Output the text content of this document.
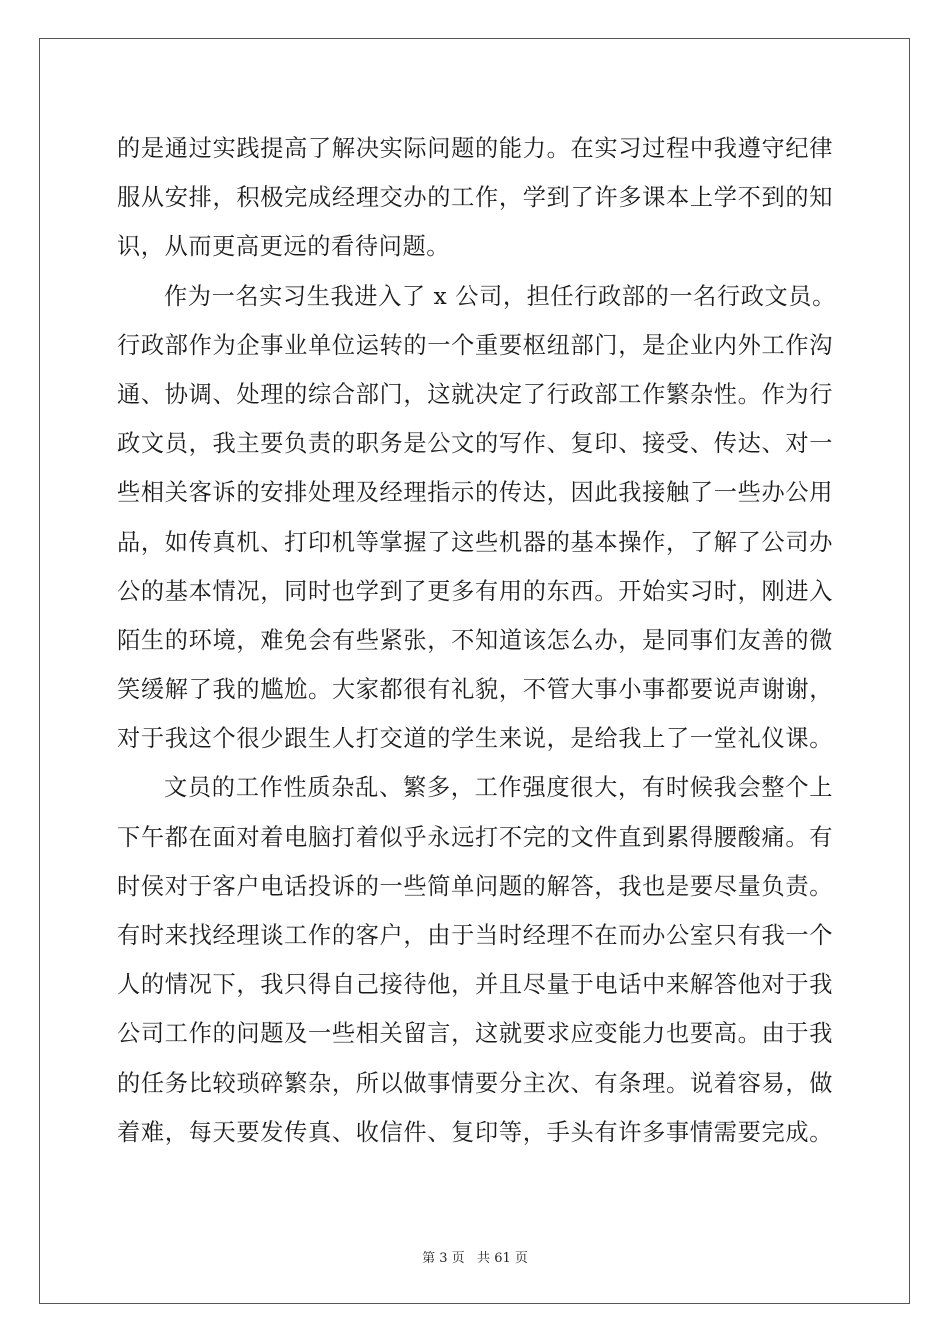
的是通过实践提高了解决实际问题的能力。在实习过程中我遵守纪律
服从安排，积极完成经理交办的工作，学到了许多课本上学不到的知
识，从而更高更远的看待问题。
作为一名实习生我进入了 x 公司，担任行政部的一名行政文员。
行政部作为企事业单位运转的一个重要枢纽部门，是企业内外工作沟
通、协调、处理的综合部门，这就决定了行政部工作繁杂性。作为行
政文员，我主要负责的职务是公文的写作、复印、接受、传达、对一
些相关客诉的安排处理及经理指示的传达，因此我接触了一些办公用
品，如传真机、打印机等掌握了这些机器的基本操作，了解了公司办
公的基本情况，同时也学到了更多有用的东西。开始实习时，刚进入
陌生的环境，难免会有些紧张，不知道该怎么办，是同事们友善的微
笑缓解了我的尴尬。大家都很有礼貌，不管大事小事都要说声谢谢，
对于我这个很少跟生人打交道的学生来说，是给我上了一堂礼仪课。
文员的工作性质杂乱、繁多，工作强度很大，有时候我会整个上
下午都在面对着电脑打着似乎永远打不完的文件直到累得腰酸痛。有
时侯对于客户电话投诉的一些简单问题的解答，我也是要尽量负责。
有时来找经理谈工作的客户，由于当时经理不在而办公室只有我一个
人的情况下，我只得自己接待他，并且尽量于电话中来解答他对于我
公司工作的问题及一些相关留言，这就要求应变能力也要高。由于我
的任务比较琐碎繁杂，所以做事情要分主次、有条理。说着容易，做
着难，每天要发传真、收信件、复印等，手头有许多事情需要完成。
第 3 页   共 61 页
